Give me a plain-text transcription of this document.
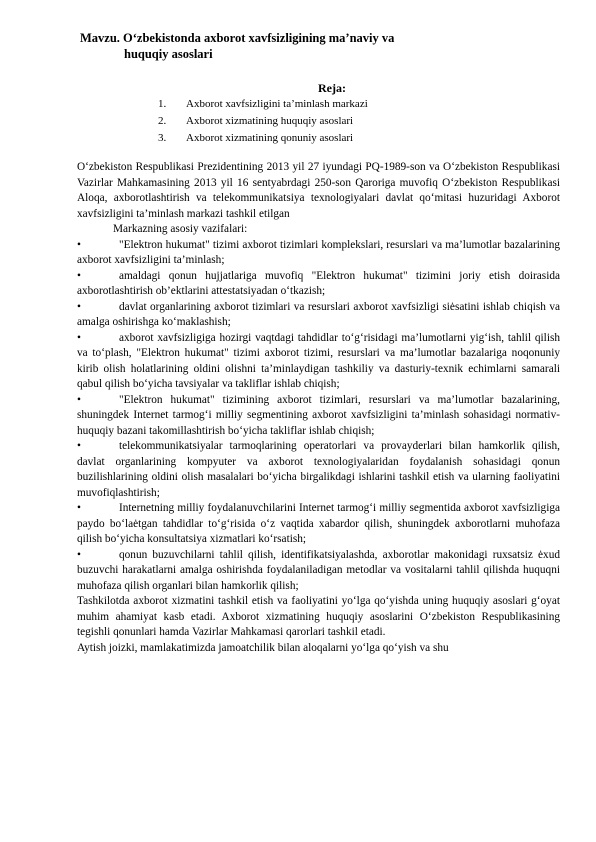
Mavzu. O‘zbekistonda axborot xavfsizligining ma’naviy va
huquqiy asoslari
Reja:
1.	Axborot xavfsizligini ta’minlash markazi
2.	Axborot xizmatining huquqiy asoslari
3.	Axborot xizmatining qonuniy asoslari

O‘zbekiston Respublikasi Prezidentining 2013 yil 27 iyundagi PQ-1989-son va O‘zbekiston Respublikasi Vazirlar Mahkamasining 2013 yil 16 sentyabrdagi 250-son Qaroriga muvofiq O‘zbekiston Respublikasi Aloqa, axborotlashtirish va telekommunikatsiya texnologiyalari davlat qo‘mitasi huzuridagi Axborot xavfsizligini ta’minlash markazi tashkil etilgan

Markazning asosiy vazifalari:

•	"Elektron hukumat" tizimi axborot tizimlari komplekslari, resurslari va ma’lumotlar bazalarining axborot xavfsizligini ta’minlash;

•	amaldagi qonun hujjatlariga muvofiq "Elektron hukumat" tizimini joriy etish doirasida axborotlashtirish ob’ektlarini attestatsiyadan o‘tkazish;

•	davlat organlarining axborot tizimlari va resurslari axborot xavfsizligi siėsatini ishlab chiqish va amalga oshirishga ko‘maklashish;

•	axborot xavfsizligiga hozirgi vaqtdagi tahdidlar to‘g‘risidagi ma’lumotlarni yig‘ish, tahlil qilish va to‘plash, "Elektron hukumat" tizimi axborot tizimi, resurslari va ma’lumotlar bazalariga noqonuniy kirib olish holatlarining oldini olishni ta’minlaydigan tashkiliy va dasturiy-texnik echimlarni samarali qabul qilish bo‘yicha tavsiyalar va takliflar ishlab chiqish;

•	"Elektron hukumat" tizimining axborot tizimlari, resurslari va ma’lumotlar bazalarining, shuningdek Internet tarmog‘i milliy segmentining axborot xavfsizligini ta’minlash sohasidagi normativ-huquqiy bazani takomillashtirish bo‘yicha takliflar ishlab chiqish;

•	telekommunikatsiyalar tarmoqlarining operatorlari va provayderlari bilan hamkorlik qilish, davlat organlarining kompyuter va axborot texnologiyalaridan foydalanish sohasidagi qonun buzilishlarining oldini olish masalalari bo‘yicha birgalikdagi ishlarini tashkil etish va ularning faoliyatini muvofiqlashtirish;

•	Internetning milliy foydalanuvchilarini Internet tarmog‘i milliy segmentida axborot xavfsizligiga paydo bo‘laėtgan tahdidlar to‘g‘risida o‘z vaqtida xabardor qilish, shuningdek axborotlarni muhofaza qilish bo‘yicha konsultatsiya xizmatlari ko‘rsatish;

•	qonun buzuvchilarni tahlil qilish, identifikatsiyalashda, axborotlar makonidagi ruxsatsiz ėxud buzuvchi harakatlarni amalga oshirishda foydalaniladigan metodlar va vositalarni tahlil qilishda huquqni muhofaza qilish organlari bilan hamkorlik qilish;

Tashkilotda axborot xizmatini tashkil etish va faoliyatini yo‘lga qo‘yishda uning huquqiy asoslari g‘oyat muhim ahamiyat kasb etadi. Axborot xizmatining huquqiy asoslarini O‘zbekiston Respublikasining tegishli qonunlari hamda Vazirlar Mahkamasi qarorlari tashkil etadi.

Aytish joizki, mamlakatimizda jamoatchilik bilan aloqalarni yo‘lga qo‘yish va shu
